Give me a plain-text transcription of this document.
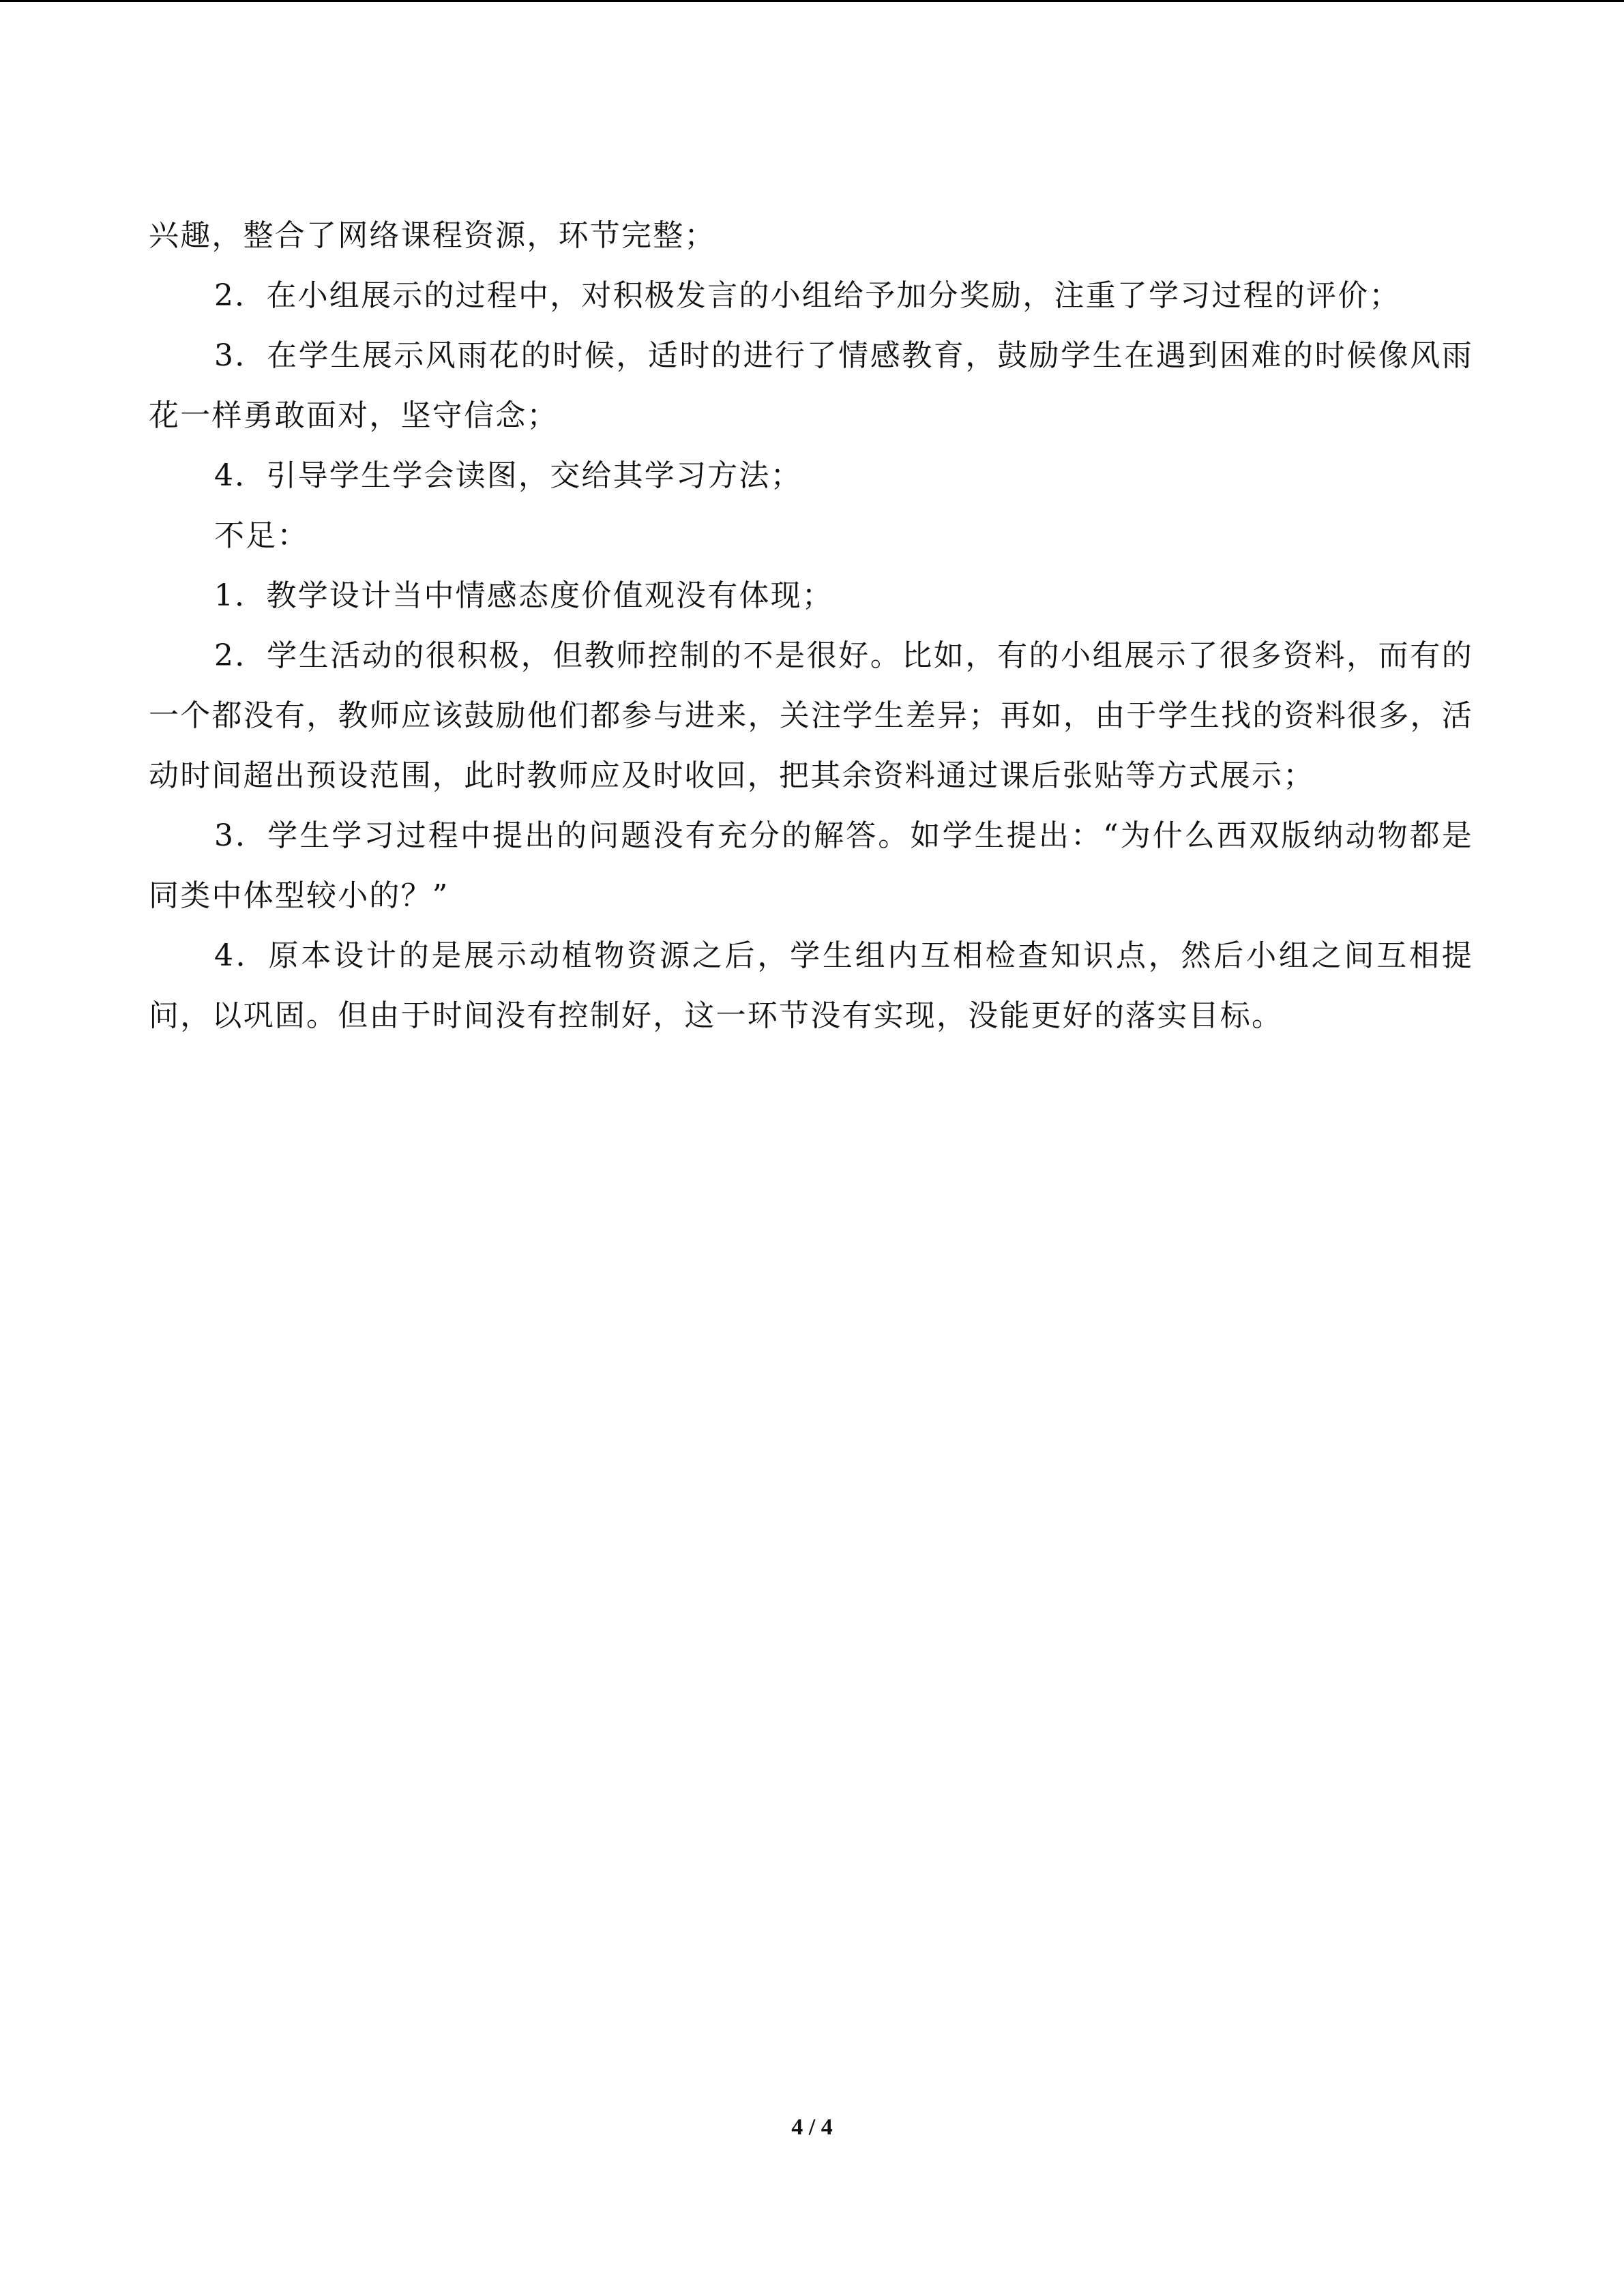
兴趣，整合了网络课程资源，环节完整；

2．在小组展示的过程中，对积极发言的小组给予加分奖励，注重了学习过程的评价；

3．在学生展示风雨花的时候，适时的进行了情感教育，鼓励学生在遇到困难的时候像风雨花一样勇敢面对，坚守信念；

4．引导学生学会读图，交给其学习方法；

不足：

1．教学设计当中情感态度价值观没有体现；

2．学生活动的很积极，但教师控制的不是很好。比如，有的小组展示了很多资料，而有的一个都没有，教师应该鼓励他们都参与进来，关注学生差异；再如，由于学生找的资料很多，活动时间超出预设范围，此时教师应及时收回，把其余资料通过课后张贴等方式展示；

3．学生学习过程中提出的问题没有充分的解答。如学生提出：“为什么西双版纳动物都是同类中体型较小的？”

4．原本设计的是展示动植物资源之后，学生组内互相检查知识点，然后小组之间互相提问，以巩固。但由于时间没有控制好，这一环节没有实现，没能更好的落实目标。

4 / 4
